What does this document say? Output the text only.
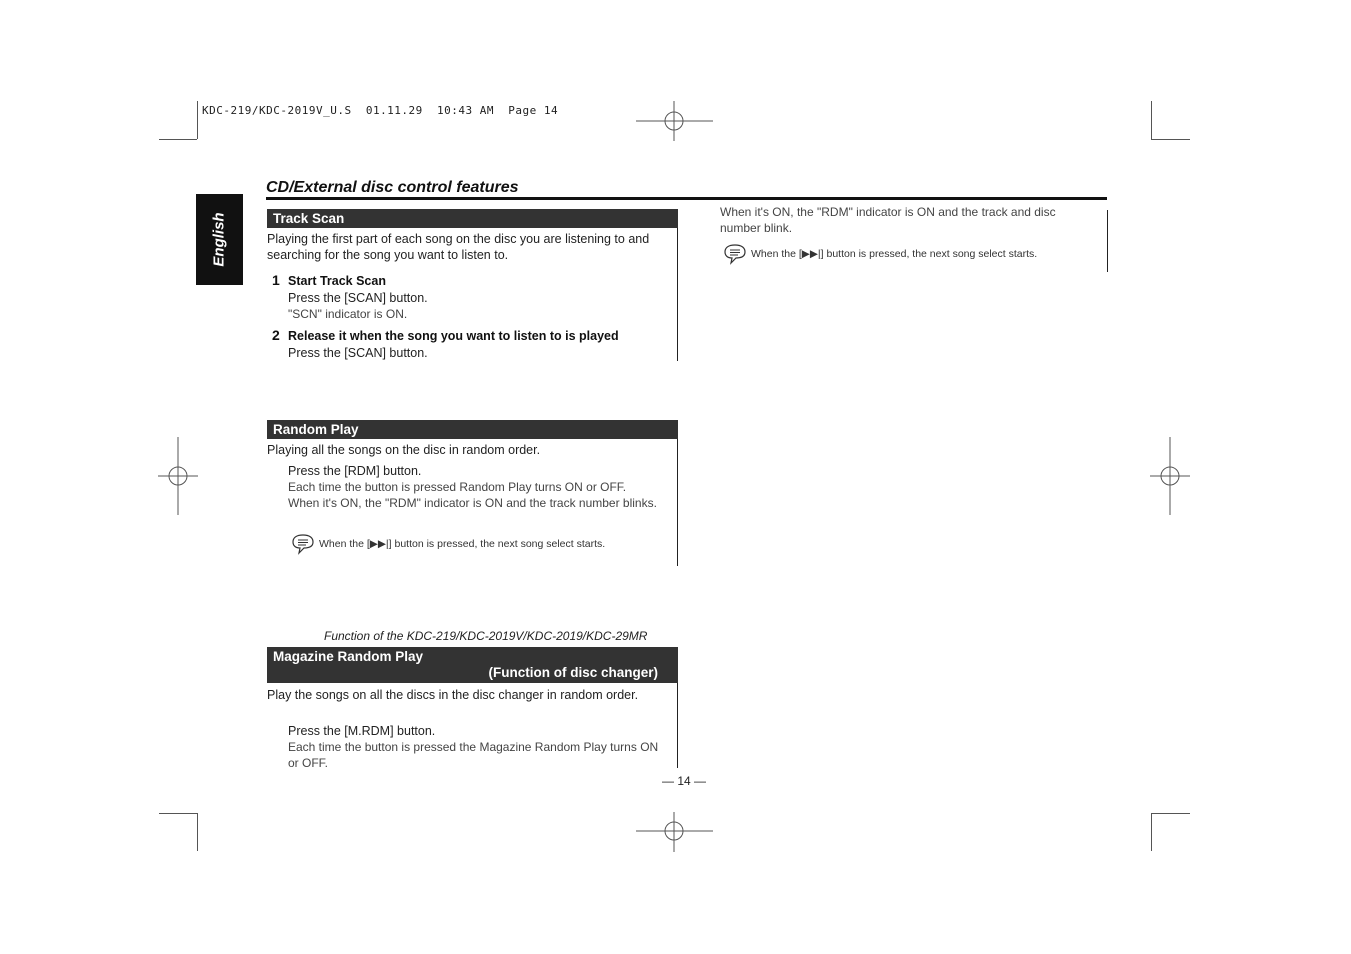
KDC-219/KDC-2019V_U.S  01.11.29  10:43 AM  Page 14
English
CD/External disc control features
Track Scan
Playing the first part of each song on the disc you are listening to and searching for the song you want to listen to.
1 Start Track Scan
Press the [SCAN] button.
"SCN" indicator is ON.
2 Release it when the song you want to listen to is played
Press the [SCAN] button.
Random Play
Playing all the songs on the disc in random order.
Press the [RDM] button.
Each time the button is pressed Random Play turns ON or OFF. When it's ON, the "RDM" indicator is ON and the track number blinks.
When the [▶▶|] button is pressed, the next song select starts.
Function of the KDC-219/KDC-2019V/KDC-2019/KDC-29MR
Magazine Random Play
(Function of disc changer)
Play the songs on all the discs in the disc changer in random order.
Press the [M.RDM] button.
Each time the button is pressed the Magazine Random Play turns ON or OFF.
— 14 —
When it's ON, the "RDM" indicator is ON and the track and disc number blink.
When the [▶▶|] button is pressed, the next song select starts.
